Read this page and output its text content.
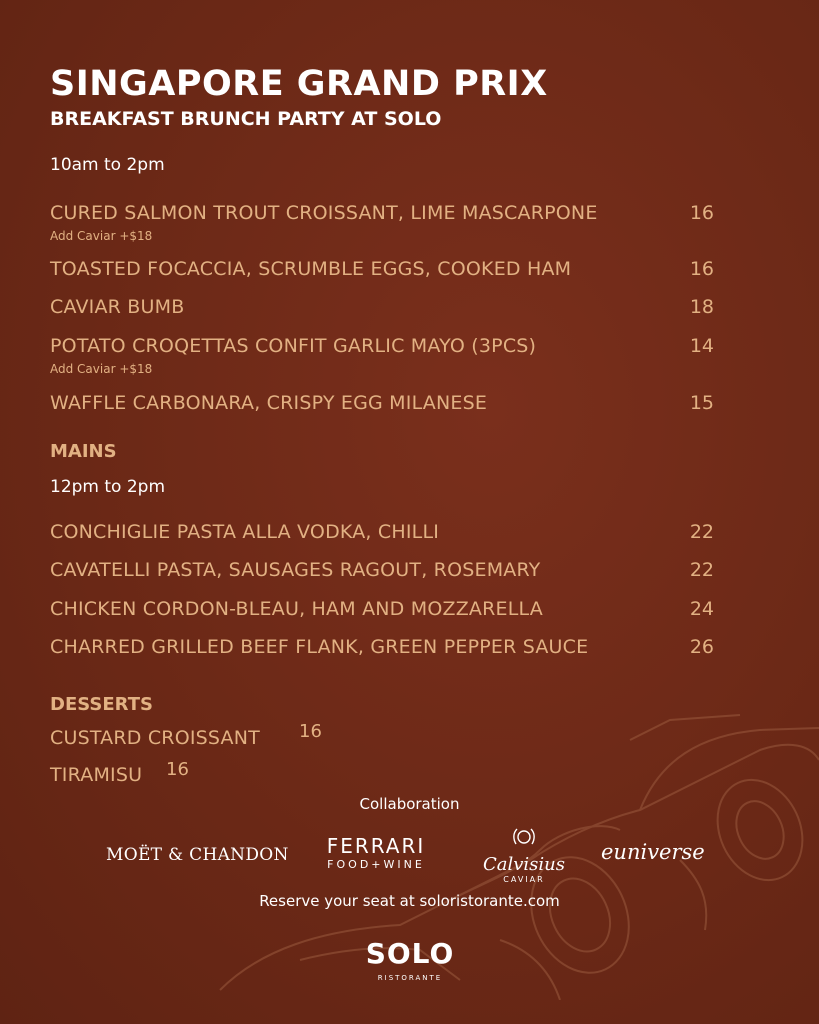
SINGAPORE GRAND PRIX
BREAKFAST BRUNCH PARTY AT SOLO
10am to 2pm
CURED SALMON TROUT CROISSANT, LIME MASCARPONE	16
Add Caviar +$18
TOASTED FOCACCIA, SCRUMBLE EGGS, COOKED HAM	16
CAVIAR BUMB	18
POTATO CROQETTAS CONFIT GARLIC MAYO (3PCS)	14
Add Caviar +$18
WAFFLE CARBONARA, CRISPY EGG MILANESE	15
MAINS
12pm to 2pm
CONCHIGLIE PASTA ALLA VODKA, CHILLI	22
CAVATELLI PASTA, SAUSAGES RAGOUT, ROSEMARY	22
CHICKEN CORDON-BLEAU, HAM AND MOZZARELLA	24
CHARRED GRILLED BEEF FLANK, GREEN PEPPER SAUCE	26
DESSERTS
CUSTARD CROISSANT 16
TIRAMISU 16
Collaboration
MOËT & CHANDON	FERRARI
FOOD+WINE	Calvisius
CAVIAR
euniverse
Reserve your seat at soloristorante.com
SOLO
RISTORANTE
